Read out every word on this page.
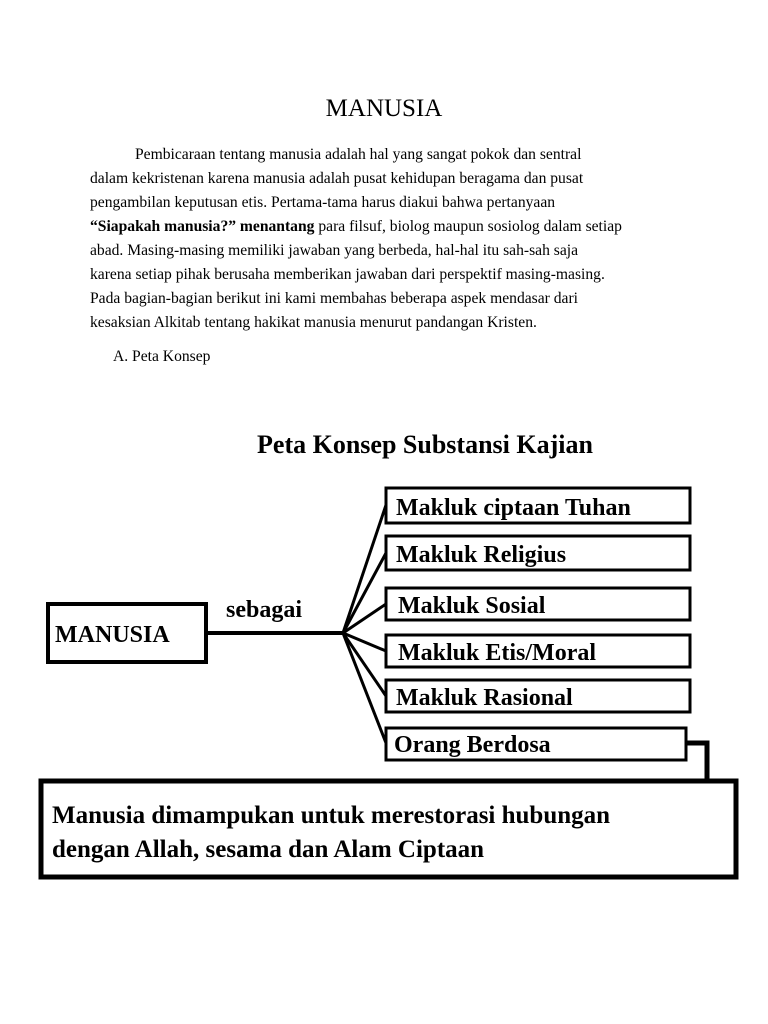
MANUSIA
Pembicaraan tentang manusia adalah hal yang sangat pokok dan sentral
dalam kekristenan karena manusia adalah pusat kehidupan beragama dan pusat
pengambilan keputusan etis. Pertama-tama harus diakui bahwa pertanyaan
“Siapakah manusia?” menantang para filsuf, biolog maupun sosiolog dalam setiap
abad. Masing-masing memiliki jawaban yang berbeda, hal-hal itu sah-sah saja
karena setiap pihak berusaha memberikan jawaban dari perspektif masing-masing.
Pada bagian-bagian berikut ini kami membahas beberapa aspek mendasar dari
kesaksian Alkitab tentang hakikat manusia menurut pandangan Kristen.
A. Peta Konsep
Peta Konsep Substansi Kajian
MANUSIA
sebagai
Makluk ciptaan Tuhan
Makluk Religius
Makluk Sosial
Makluk Etis/Moral
Makluk Rasional
Orang Berdosa
Manusia dimampukan untuk merestorasi hubungan
dengan Allah, sesama dan Alam Ciptaan
